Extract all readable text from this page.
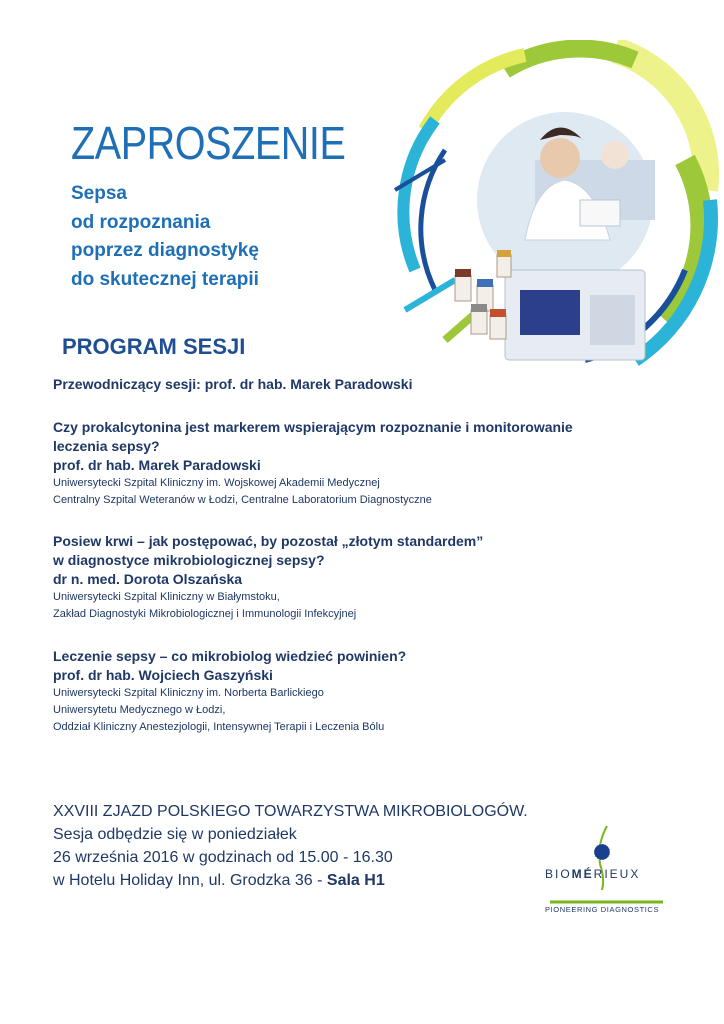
ZAPROSZENIE
Sepsa
od rozpoznania
poprzez diagnostykę
do skutecznej terapii
PROGRAM SESJI
Przewodniczący sesji: prof. dr hab. Marek Paradowski
Czy prokalcytonina jest markerem wspierającym rozpoznanie i monitorowanie
leczenia sepsy?
prof. dr hab. Marek Paradowski
Uniwersytecki Szpital Kliniczny im. Wojskowej Akademii Medycznej
Centralny Szpital Weteranów w Łodzi, Centralne Laboratorium Diagnostyczne
Posiew krwi – jak postępować, by pozostał „złotym standardem”
w diagnostyce mikrobiologicznej sepsy?
dr n. med. Dorota Olszańska
Uniwersytecki Szpital Kliniczny w Białymstoku,
Zakład Diagnostyki Mikrobiologicznej i Immunologii Infekcyjnej
Leczenie sepsy – co mikrobiolog wiedzieć powinien?
prof. dr hab. Wojciech Gaszyński
Uniwersytecki Szpital Kliniczny im. Norberta Barlickiego
Uniwersytetu Medycznego w Łodzi,
Oddział Kliniczny Anestezjologii, Intensywnej Terapii i Leczenia Bólu
XXVIII ZJAZD POLSKIEGO TOWARZYSTWA MIKROBIOLOGÓW.
Sesja odbędzie się w poniedziałek
26 września 2016 w godzinach od 15.00 - 16.30
w Hotelu Holiday Inn, ul. Grodzka 36 - Sala H1	BIOMÉRIEUX
PIONEERING DIAGNOSTICS
